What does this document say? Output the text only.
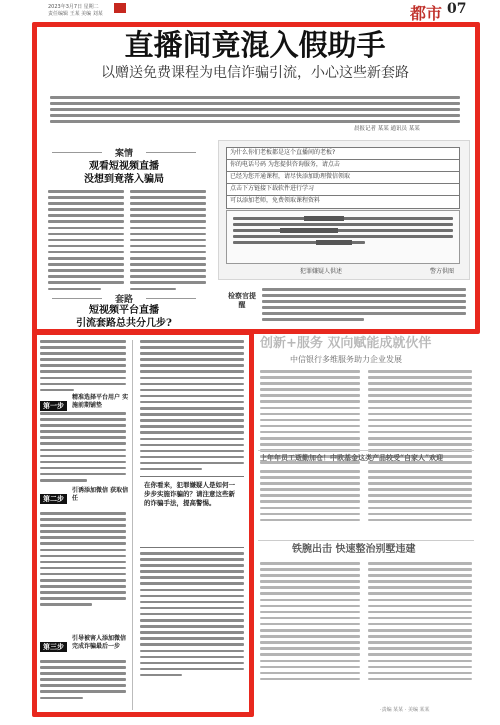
2023年3月7日 星期二
责任编辑 王某 美编 刘某	都市 07
直播间竟混入假助手
以赠送免费课程为电信诈骗引流，小心这些新套路
晨报记者 某某 通讯员 某某
案情
观看短视频直播
没想到竟落入骗局
套路
短视频平台直播
引流套路总共分几步?
为什么你们老板都是这个直播间的老板?
你的电话号码 为您提供咨询服务，请点击
已经为您开通课程，请尽快添加助理微信领取
点击下方链接下载软件进行学习
可以添加老师，免费领取课程资料
犯罪嫌疑人供述	警方供图
检察官提醒
第一步
精准选择平台用户 实施前期铺垫
第二步
引诱添加微信 获取信任
第三步
引导被害人添加微信 完成诈骗最后一步
在你看来，犯罪嫌疑人是如何一步步实施诈骗的？请注意这些新的诈骗手法，提高警惕。
创新+服务 双向赋能成就伙伴
中信银行多维服务助力企业发展
上年年员工逝勤加仓！中欧基金这类产品较受“自家人”欢迎
铁腕出击 快速整治别墅违建
·责编 某某 · 美编 某某
